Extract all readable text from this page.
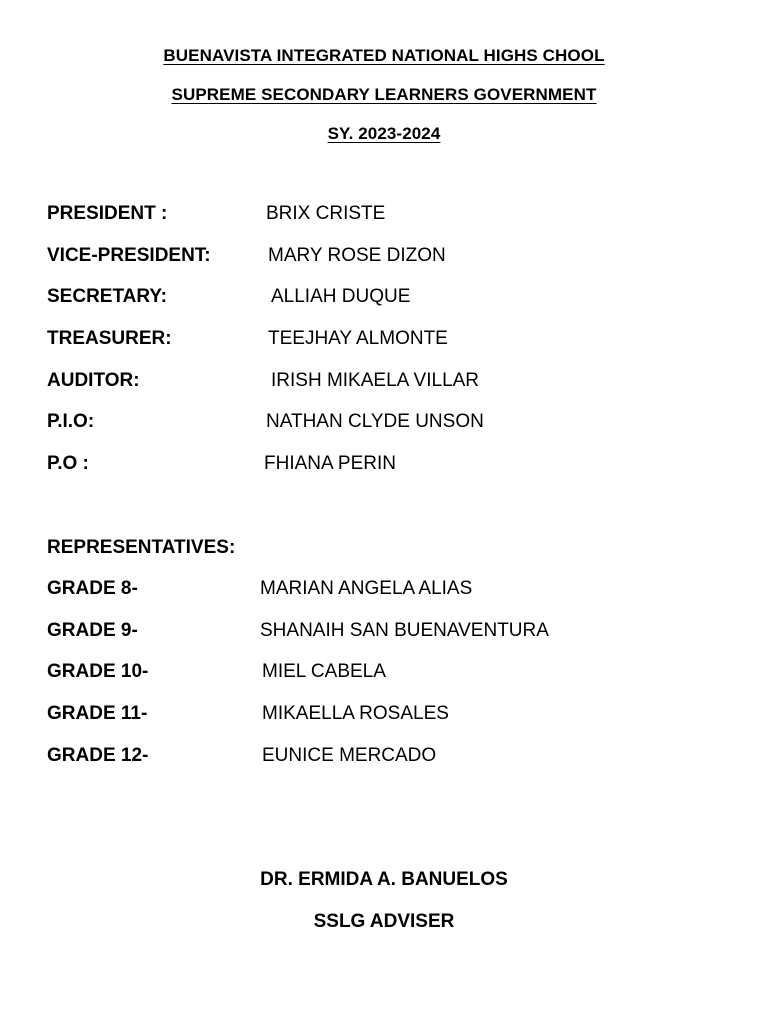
BUENAVISTA INTEGRATED NATIONAL HIGHS CHOOL
SUPREME SECONDARY LEARNERS GOVERNMENT
SY. 2023-2024
PRESIDENT :	BRIX CRISTE
VICE-PRESIDENT:	MARY ROSE DIZON
SECRETARY:	ALLIAH DUQUE
TREASURER:	TEEJHAY ALMONTE
AUDITOR:	IRISH MIKAELA VILLAR
P.I.O:	NATHAN CLYDE UNSON
P.O :	FHIANA PERIN
REPRESENTATIVES:
GRADE 8-	MARIAN ANGELA ALIAS
GRADE 9-	SHANAIH SAN BUENAVENTURA
GRADE 10-	MIEL CABELA
GRADE 11-	MIKAELLA ROSALES
GRADE 12-	EUNICE MERCADO
DR. ERMIDA A. BANUELOS
SSLG ADVISER
